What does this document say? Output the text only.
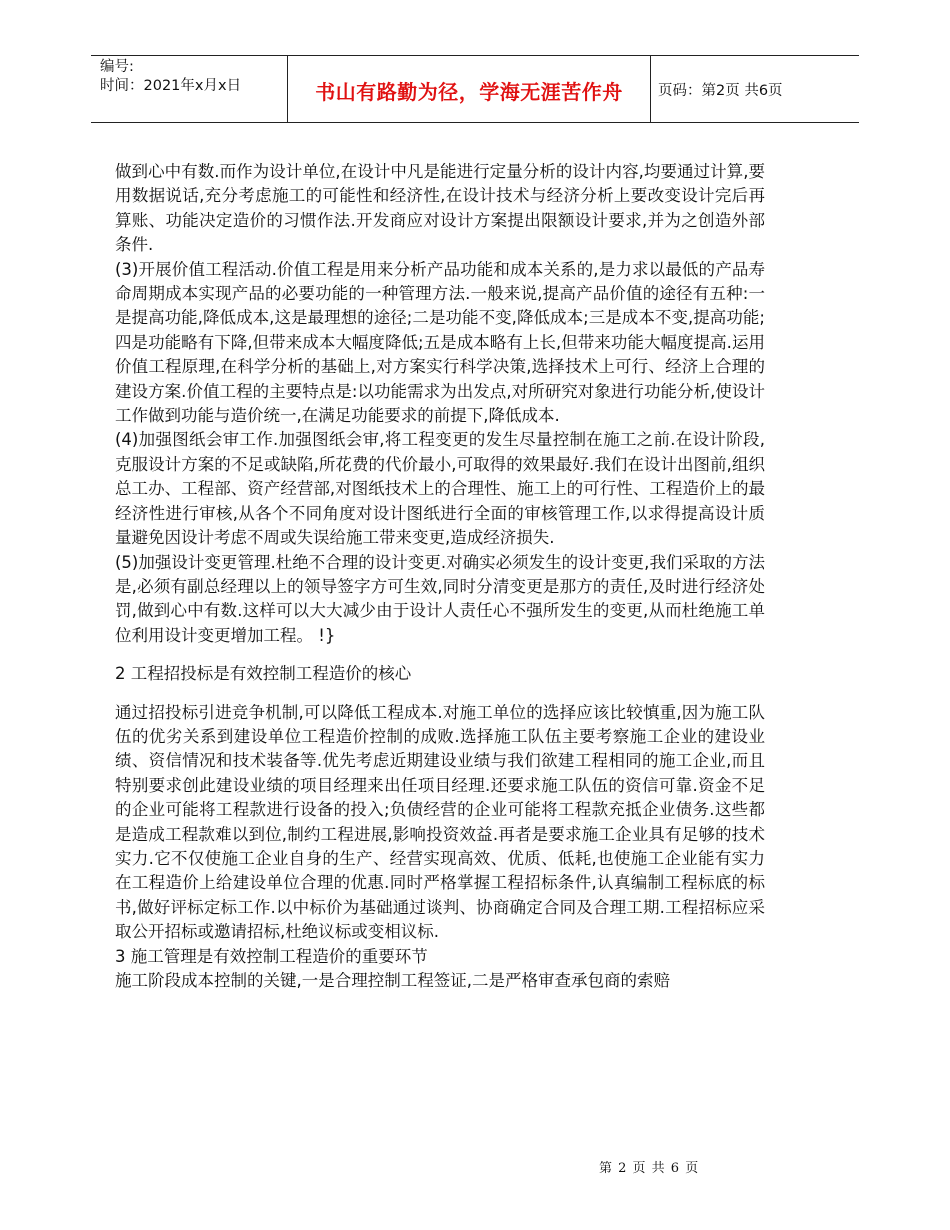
编号:
时间：2021年x月x日	书山有路勤为径，学海无涯苦作舟	页码：第2页 共6页

做到心中有数.而作为设计单位,在设计中凡是能进行定量分析的设计内容,均要通过计算,要用数据说话,充分考虑施工的可能性和经济性,在设计技术与经济分析上要改变设计完后再算账、功能决定造价的习惯作法.开发商应对设计方案提出限额设计要求,并为之创造外部条件.

(3)开展价值工程活动.价值工程是用来分析产品功能和成本关系的,是力求以最低的产品寿命周期成本实现产品的必要功能的一种管理方法.一般来说,提高产品价值的途径有五种:一是提高功能,降低成本,这是最理想的途径;二是功能不变,降低成本;三是成本不变,提高功能;四是功能略有下降,但带来成本大幅度降低;五是成本略有上长,但带来功能大幅度提高.运用价值工程原理,在科学分析的基础上,对方案实行科学决策,选择技术上可行、经济上合理的建设方案.价值工程的主要特点是:以功能需求为出发点,对所研究对象进行功能分析,使设计工作做到功能与造价统一,在满足功能要求的前提下,降低成本.

(4)加强图纸会审工作.加强图纸会审,将工程变更的发生尽量控制在施工之前.在设计阶段,克服设计方案的不足或缺陷,所花费的代价最小,可取得的效果最好.我们在设计出图前,组织总工办、工程部、资产经营部,对图纸技术上的合理性、施工上的可行性、工程造价上的最经济性进行审核,从各个不同角度对设计图纸进行全面的审核管理工作,以求得提高设计质量避免因设计考虑不周或失误给施工带来变更,造成经济损失.

(5)加强设计变更管理.杜绝不合理的设计变更.对确实必须发生的设计变更,我们采取的方法是,必须有副总经理以上的领导签字方可生效,同时分清变更是那方的责任,及时进行经济处罚,做到心中有数.这样可以大大减少由于设计人责任心不强所发生的变更,从而杜绝施工单位利用设计变更增加工程。 !}

2 工程招投标是有效控制工程造价的核心

通过招投标引进竞争机制,可以降低工程成本.对施工单位的选择应该比较慎重,因为施工队伍的优劣关系到建设单位工程造价控制的成败.选择施工队伍主要考察施工企业的建设业绩、资信情况和技术装备等.优先考虑近期建设业绩与我们欲建工程相同的施工企业,而且特别要求创此建设业绩的项目经理来出任项目经理.还要求施工队伍的资信可靠.资金不足的企业可能将工程款进行设备的投入;负债经营的企业可能将工程款充抵企业债务.这些都是造成工程款难以到位,制约工程进展,影响投资效益.再者是要求施工企业具有足够的技术实力.它不仅使施工企业自身的生产、经营实现高效、优质、低耗,也使施工企业能有实力在工程造价上给建设单位合理的优惠.同时严格掌握工程招标条件,认真编制工程标底的标书,做好评标定标工作.以中标价为基础通过谈判、协商确定合同及合理工期.工程招标应采取公开招标或邀请招标,杜绝议标或变相议标.

3 施工管理是有效控制工程造价的重要环节

施工阶段成本控制的关键,一是合理控制工程签证,二是严格审查承包商的索赔

第 2 页 共 6 页
